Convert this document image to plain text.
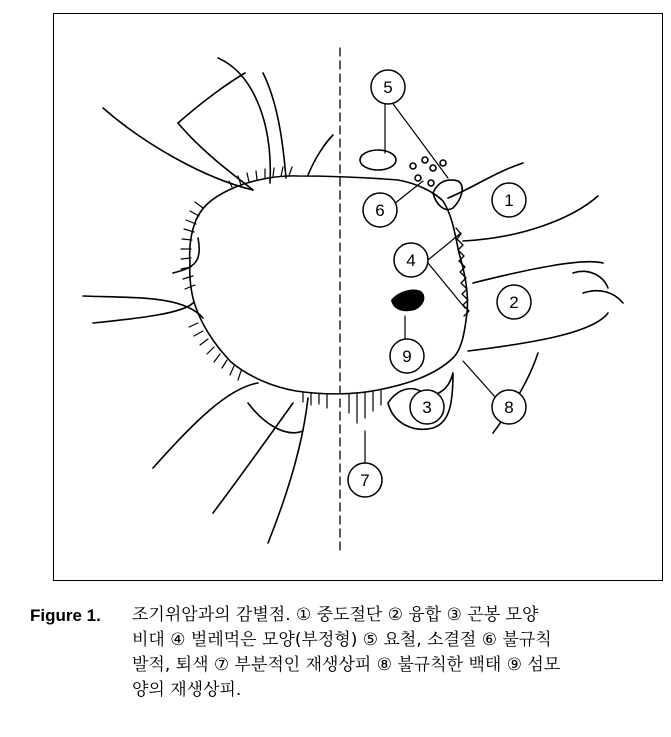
1
2
3
4
5
6
7
8
9
Figure 1.	조기위암과의 감별점. ① 중도절단 ② 융합 ③ 곤봉 모양
비대 ④ 벌레먹은 모양(부정형) ⑤ 요철, 소결절 ⑥ 불규칙
발적, 퇴색 ⑦ 부분적인 재생상피 ⑧ 불규칙한 백태 ⑨ 섬모
양의 재생상피.
